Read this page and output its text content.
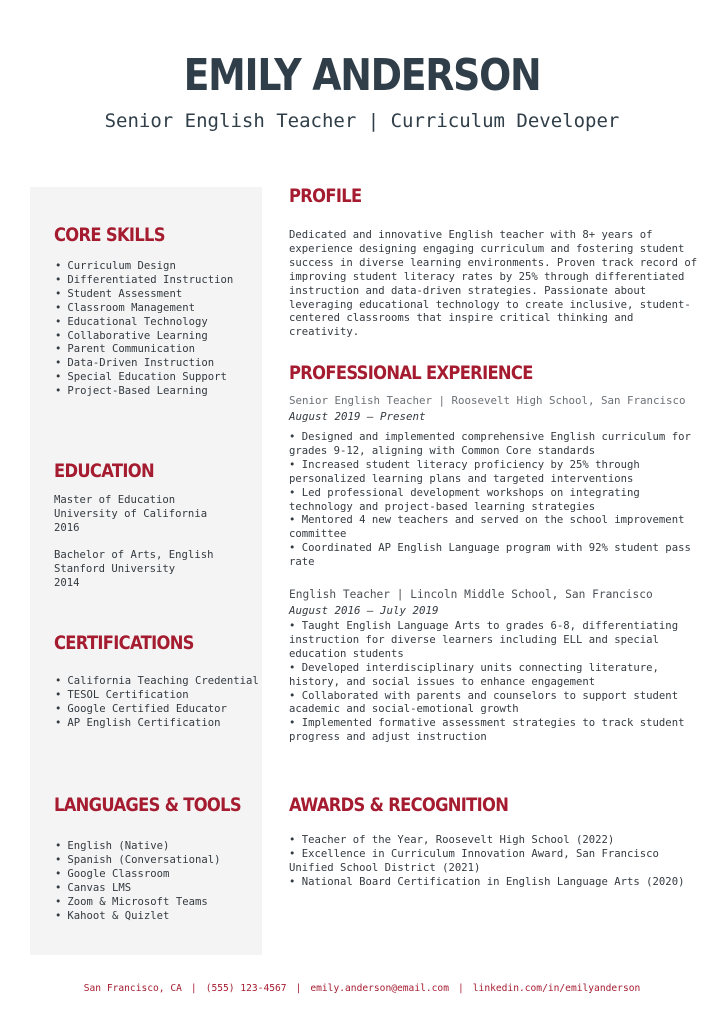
EMILY ANDERSON
Senior English Teacher | Curriculum Developer
CORE SKILLS
• Curriculum Design
• Differentiated Instruction
• Student Assessment
• Classroom Management
• Educational Technology
• Collaborative Learning
• Parent Communication
• Data-Driven Instruction
• Special Education Support
• Project-Based Learning
EDUCATION
Master of Education
University of California
2016
Bachelor of Arts, English
Stanford University
2014
CERTIFICATIONS
• California Teaching Credential
• TESOL Certification
• Google Certified Educator
• AP English Certification
LANGUAGES & TOOLS
• English (Native)
• Spanish (Conversational)
• Google Classroom
• Canvas LMS
• Zoom & Microsoft Teams
• Kahoot & Quizlet
PROFILE

Dedicated and innovative English teacher with 8+ years of experience designing engaging curriculum and fostering student success in diverse learning environments. Proven track record of improving student literacy rates by 25% through differentiated instruction and data-driven strategies. Passionate about leveraging educational technology to create inclusive, student-centered classrooms that inspire critical thinking and creativity.

PROFESSIONAL EXPERIENCE
Senior English Teacher | Roosevelt High School, San Francisco
August 2019 – Present
• Designed and implemented comprehensive English curriculum for grades 9-12, aligning with Common Core standards
• Increased student literacy proficiency by 25% through personalized learning plans and targeted interventions
• Led professional development workshops on integrating technology and project-based learning strategies
• Mentored 4 new teachers and served on the school improvement committee
• Coordinated AP English Language program with 92% student pass rate
English Teacher | Lincoln Middle School, San Francisco
August 2016 – July 2019
• Taught English Language Arts to grades 6-8, differentiating instruction for diverse learners including ELL and special education students
• Developed interdisciplinary units connecting literature, history, and social issues to enhance engagement
• Collaborated with parents and counselors to support student academic and social-emotional growth
• Implemented formative assessment strategies to track student progress and adjust instruction
AWARDS & RECOGNITION
• Teacher of the Year, Roosevelt High School (2022)
• Excellence in Curriculum Innovation Award, San Francisco Unified School District (2021)
• National Board Certification in English Language Arts (2020)
San Francisco, CA | (555) 123-4567 | emily.anderson@email.com | linkedin.com/in/emilyanderson
